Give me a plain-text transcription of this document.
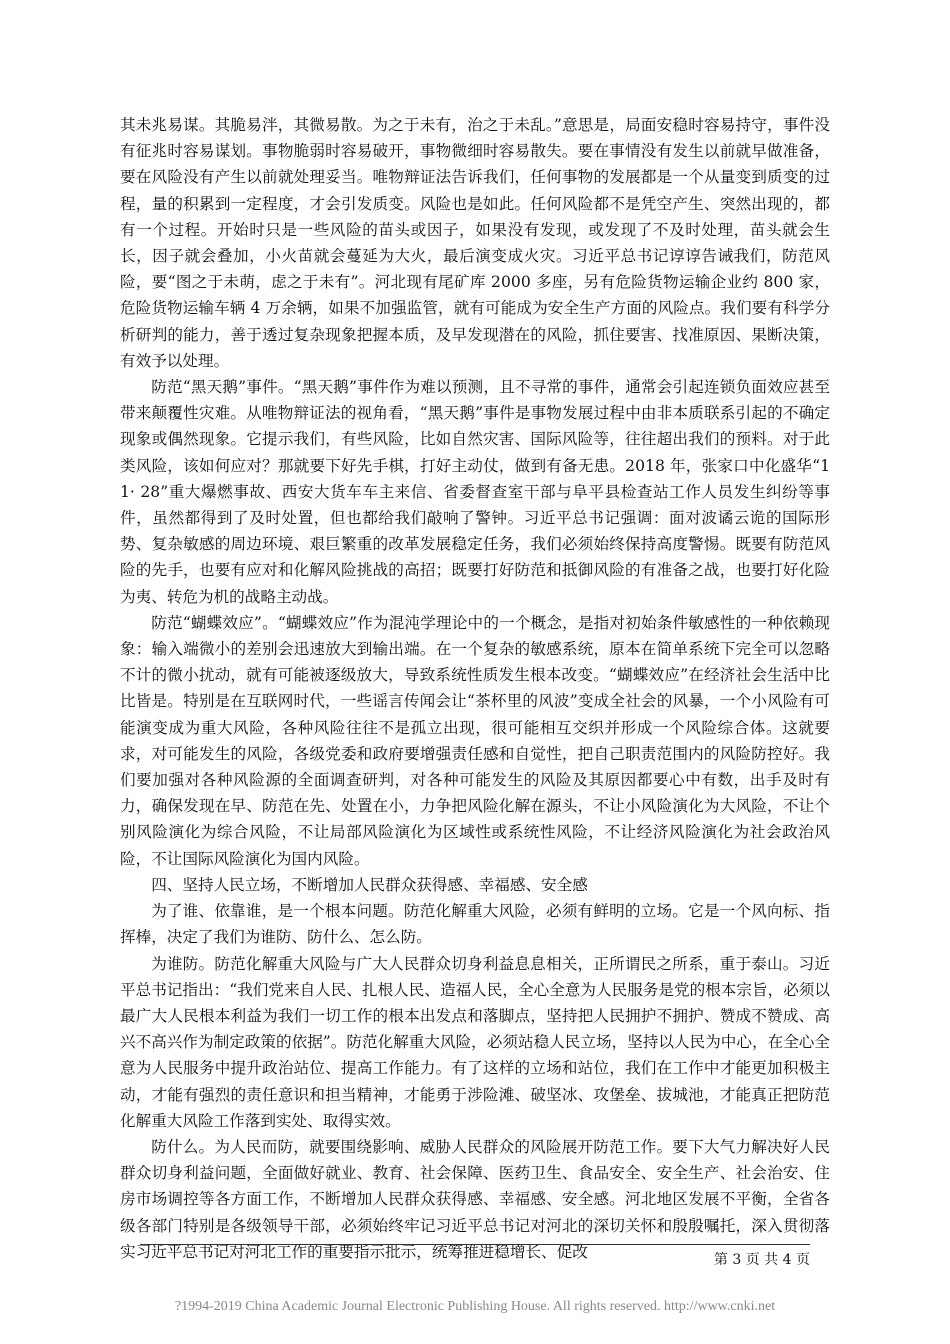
其未兆易谋。其脆易泮，其微易散。为之于未有，治之于未乱。”意思是，局面安稳时容易持守，事件没有征兆时容易谋划。事物脆弱时容易破开，事物微细时容易散失。要在事情没有发生以前就早做准备，要在风险没有产生以前就处理妥当。唯物辩证法告诉我们，任何事物的发展都是一个从量变到质变的过程，量的积累到一定程度，才会引发质变。风险也是如此。任何风险都不是凭空产生、突然出现的，都有一个过程。开始时只是一些风险的苗头或因子，如果没有发现，或发现了不及时处理，苗头就会生长，因子就会叠加，小火苗就会蔓延为大火，最后演变成火灾。习近平总书记谆谆告诫我们，防范风险，要“图之于未萌，虑之于未有”。河北现有尾矿库 2000 多座，另有危险货物运输企业约 800 家，危险货物运输车辆 4 万余辆，如果不加强监管，就有可能成为安全生产方面的风险点。我们要有科学分析研判的能力，善于透过复杂现象把握本质，及早发现潜在的风险，抓住要害、找准原因、果断决策，有效予以处理。

防范“黑天鹅”事件。“黑天鹅”事件作为难以预测，且不寻常的事件，通常会引起连锁负面效应甚至带来颠覆性灾难。从唯物辩证法的视角看，“黑天鹅”事件是事物发展过程中由非本质联系引起的不确定现象或偶然现象。它提示我们，有些风险，比如自然灾害、国际风险等，往往超出我们的预料。对于此类风险，该如何应对？那就要下好先手棋，打好主动仗，做到有备无患。2018 年，张家口中化盛华“11· 28”重大爆燃事故、西安大货车车主来信、省委督查室干部与阜平县检查站工作人员发生纠纷等事件，虽然都得到了及时处置，但也都给我们敲响了警钟。习近平总书记强调：面对波谲云诡的国际形势、复杂敏感的周边环境、艰巨繁重的改革发展稳定任务，我们必须始终保持高度警惕。既要有防范风险的先手，也要有应对和化解风险挑战的高招；既要打好防范和抵御风险的有准备之战，也要打好化险为夷、转危为机的战略主动战。

防范“蝴蝶效应”。“蝴蝶效应”作为混沌学理论中的一个概念，是指对初始条件敏感性的一种依赖现象：输入端微小的差别会迅速放大到输出端。在一个复杂的敏感系统，原本在简单系统下完全可以忽略不计的微小扰动，就有可能被逐级放大，导致系统性质发生根本改变。“蝴蝶效应”在经济社会生活中比比皆是。特别是在互联网时代，一些谣言传闻会让“茶杯里的风波”变成全社会的风暴，一个小风险有可能演变成为重大风险，各种风险往往不是孤立出现，很可能相互交织并形成一个风险综合体。这就要求，对可能发生的风险，各级党委和政府要增强责任感和自觉性，把自己职责范围内的风险防控好。我们要加强对各种风险源的全面调查研判，对各种可能发生的风险及其原因都要心中有数，出手及时有力，确保发现在早、防范在先、处置在小，力争把风险化解在源头，不让小风险演化为大风险，不让个别风险演化为综合风险，不让局部风险演化为区域性或系统性风险，不让经济风险演化为社会政治风险，不让国际风险演化为国内风险。

四、坚持人民立场，不断增加人民群众获得感、幸福感、安全感

为了谁、依靠谁，是一个根本问题。防范化解重大风险，必须有鲜明的立场。它是一个风向标、指挥棒，决定了我们为谁防、防什么、怎么防。

为谁防。防范化解重大风险与广大人民群众切身利益息息相关，正所谓民之所系，重于泰山。习近平总书记指出：“我们党来自人民、扎根人民、造福人民，全心全意为人民服务是党的根本宗旨，必须以最广大人民根本利益为我们一切工作的根本出发点和落脚点，坚持把人民拥护不拥护、赞成不赞成、高兴不高兴作为制定政策的依据”。防范化解重大风险，必须站稳人民立场，坚持以人民为中心，在全心全意为人民服务中提升政治站位、提高工作能力。有了这样的立场和站位，我们在工作中才能更加积极主动，才能有强烈的责任意识和担当精神，才能勇于涉险滩、破坚冰、攻堡垒、拔城池，才能真正把防范化解重大风险工作落到实处、取得实效。

防什么。为人民而防，就要围绕影响、威胁人民群众的风险展开防范工作。要下大气力解决好人民群众切身利益问题，全面做好就业、教育、社会保障、医药卫生、食品安全、安全生产、社会治安、住房市场调控等各方面工作，不断增加人民群众获得感、幸福感、安全感。河北地区发展不平衡，全省各级各部门特别是各级领导干部，必须始终牢记习近平总书记对河北的深切关怀和殷殷嘱托，深入贯彻落实习近平总书记对河北工作的重要指示批示，统筹推进稳增长、促改	第 3 页 共 4 页
?1994-2019 China Academic Journal Electronic Publishing House. All rights reserved. http://www.cnki.net
